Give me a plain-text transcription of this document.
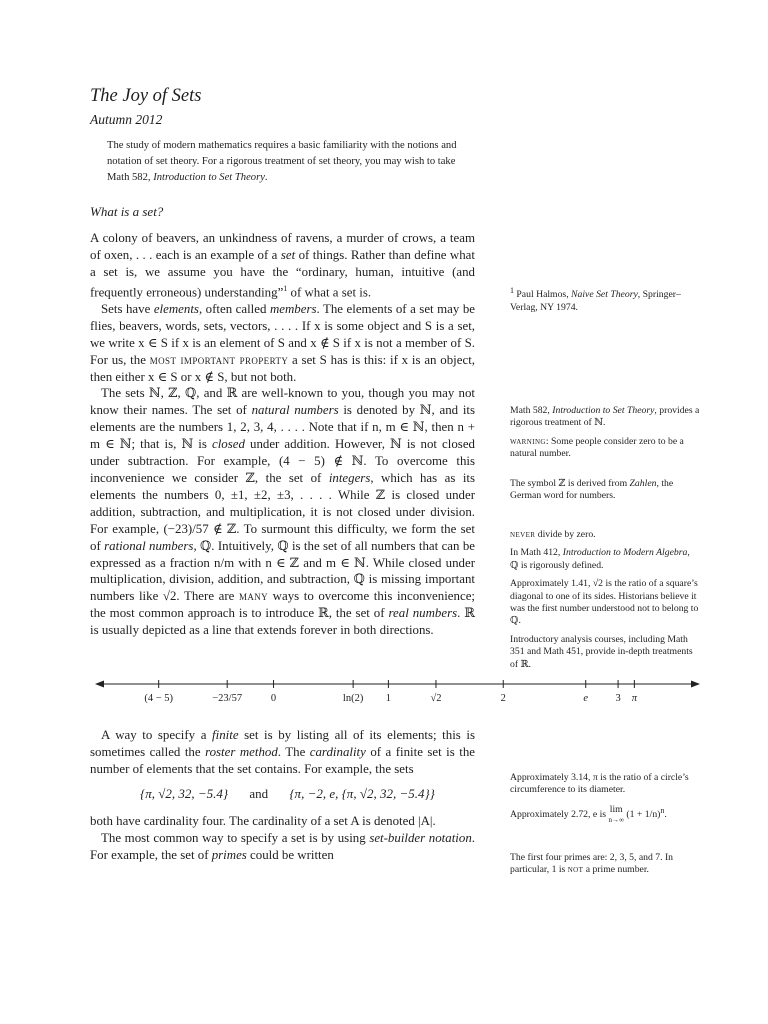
The Joy of Sets
Autumn 2012
The study of modern mathematics requires a basic familiarity with the notions and notation of set theory. For a rigorous treatment of set theory, you may wish to take Math 582, Introduction to Set Theory.
What is a set?

A colony of beavers, an unkindness of ravens, a murder of crows, a team of oxen, . . . each is an example of a set of things. Rather than define what a set is, we assume you have the “ordinary, human, intuitive (and frequently erroneous) understanding”$^1$ of what a set is.

Sets have elements, often called members. The elements of a set may be flies, beavers, words, sets, vectors, . . . . If x is some object and S is a set, we write x ∈ S if x is an element of S and x ∉ S if x is not a member of S. For us, the most important property a set S has is this: if x is an object, then either x ∈ S or x ∉ S, but not both.

The sets ℕ, ℤ, ℚ, and ℝ are well-known to you, though you may not know their names. The set of natural numbers is denoted by ℕ, and its elements are the numbers 1, 2, 3, 4, . . . . Note that if n, m ∈ ℕ, then n + m ∈ ℕ; that is, ℕ is closed under addition. However, ℕ is not closed under subtraction. For example, (4 − 5) ∉ ℕ. To overcome this inconvenience we consider ℤ, the set of integers, which has as its elements the numbers 0, ±1, ±2, ±3, . . . . While ℤ is closed under addition, subtraction, and multiplication, it is not closed under division. For example, (−23)/57 ∉ ℤ. To surmount this difficulty, we form the set of rational numbers, ℚ. Intuitively, ℚ is the set of all numbers that can be expressed as a fraction n/m with n ∈ ℤ and m ∈ ℕ. While closed under multiplication, division, addition, and subtraction, ℚ is missing important numbers like √2. There are many ways to overcome this inconvenience; the most common approach is to introduce ℝ, the set of real numbers. ℝ is usually depicted as a line that extends forever in both directions.

(4 − 5)	−23/57	0	ln(2) 1	√2	2	e	3 π

A way to specify a finite set is by listing all of its elements; this is sometimes called the roster method. The cardinality of a finite set is the number of elements that the set contains. For example, the sets

{π, √2, 32, −5.4} and {π, −2, e, {π, √2, 32, −5.4}}

both have cardinality four. The cardinality of a set A is denoted |A|.

The most common way to specify a set is by using set-builder notation. For example, the set of primes could be written

$^1$ Paul Halmos, Naive Set Theory, Springer–Verlag, NY 1974.

Math 582, Introduction to Set Theory, provides a rigorous treatment of ℕ.

warning: Some people consider zero to be a natural number.

The symbol ℤ is derived from Zahlen, the German word for numbers.

never divide by zero.

In Math 412, Introduction to Modern Algebra, ℚ is rigorously defined.

Approximately 1.41, √2 is the ratio of a square’s diagonal to one of its sides. Historians believe it was the first number understood not to belong to ℚ.

Introductory analysis courses, including Math 351 and Math 451, provide in-depth treatments of ℝ.

Approximately 3.14, π is the ratio of a circle’s circumference to its diameter.

Approximately 2.72, e is lim
n→∞ $(1 + 1/n)^n$.

The first four primes are: 2, 3, 5, and 7. In particular, 1 is not a prime number.
